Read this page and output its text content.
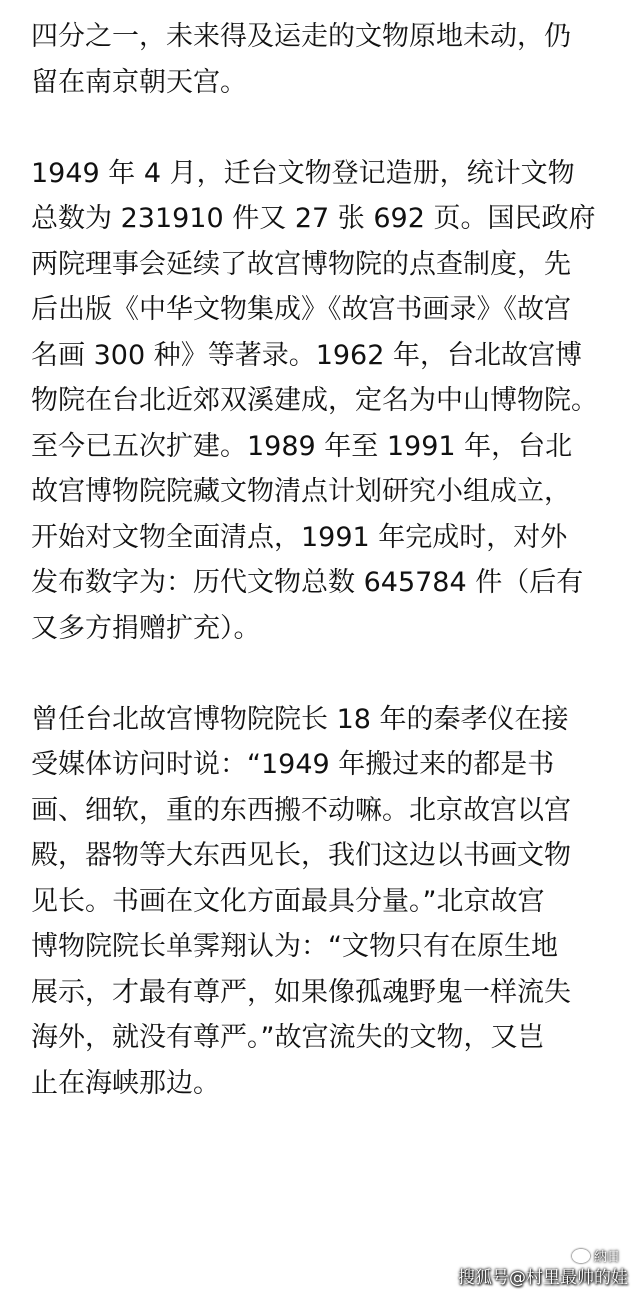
四分之一，未来得及运走的文物原地未动，仍
留在南京朝天宫。
1949 年 4 月，迁台文物登记造册，统计文物
总数为 231910 件又 27 张 692 页。国民政府
两院理事会延续了故宫博物院的点查制度，先
后出版《中华文物集成》《故宫书画录》《故宫
名画 300 种》等著录。1962 年，台北故宫博
物院在台北近郊双溪建成，定名为中山博物院。
至今已五次扩建。1989 年至 1991 年，台北
故宫博物院院藏文物清点计划研究小组成立，
开始对文物全面清点，1991 年完成时，对外
发布数字为：历代文物总数 645784 件（后有
又多方捐赠扩充）。
曾任台北故宫博物院院长 18 年的秦孝仪在接
受媒体访问时说：“1949 年搬过来的都是书
画、细软，重的东西搬不动嘛。北京故宫以宫
殿，器物等大东西见长，我们这边以书画文物
见长。书画在文化方面最具分量。”北京故宫
博物院院长单霁翔认为：“文物只有在原生地
展示，才最有尊严，如果像孤魂野鬼一样流失
海外，就没有尊严。”故宫流失的文物，又岂
止在海峡那边。
納日
搜狐号@村里最帅的娃
